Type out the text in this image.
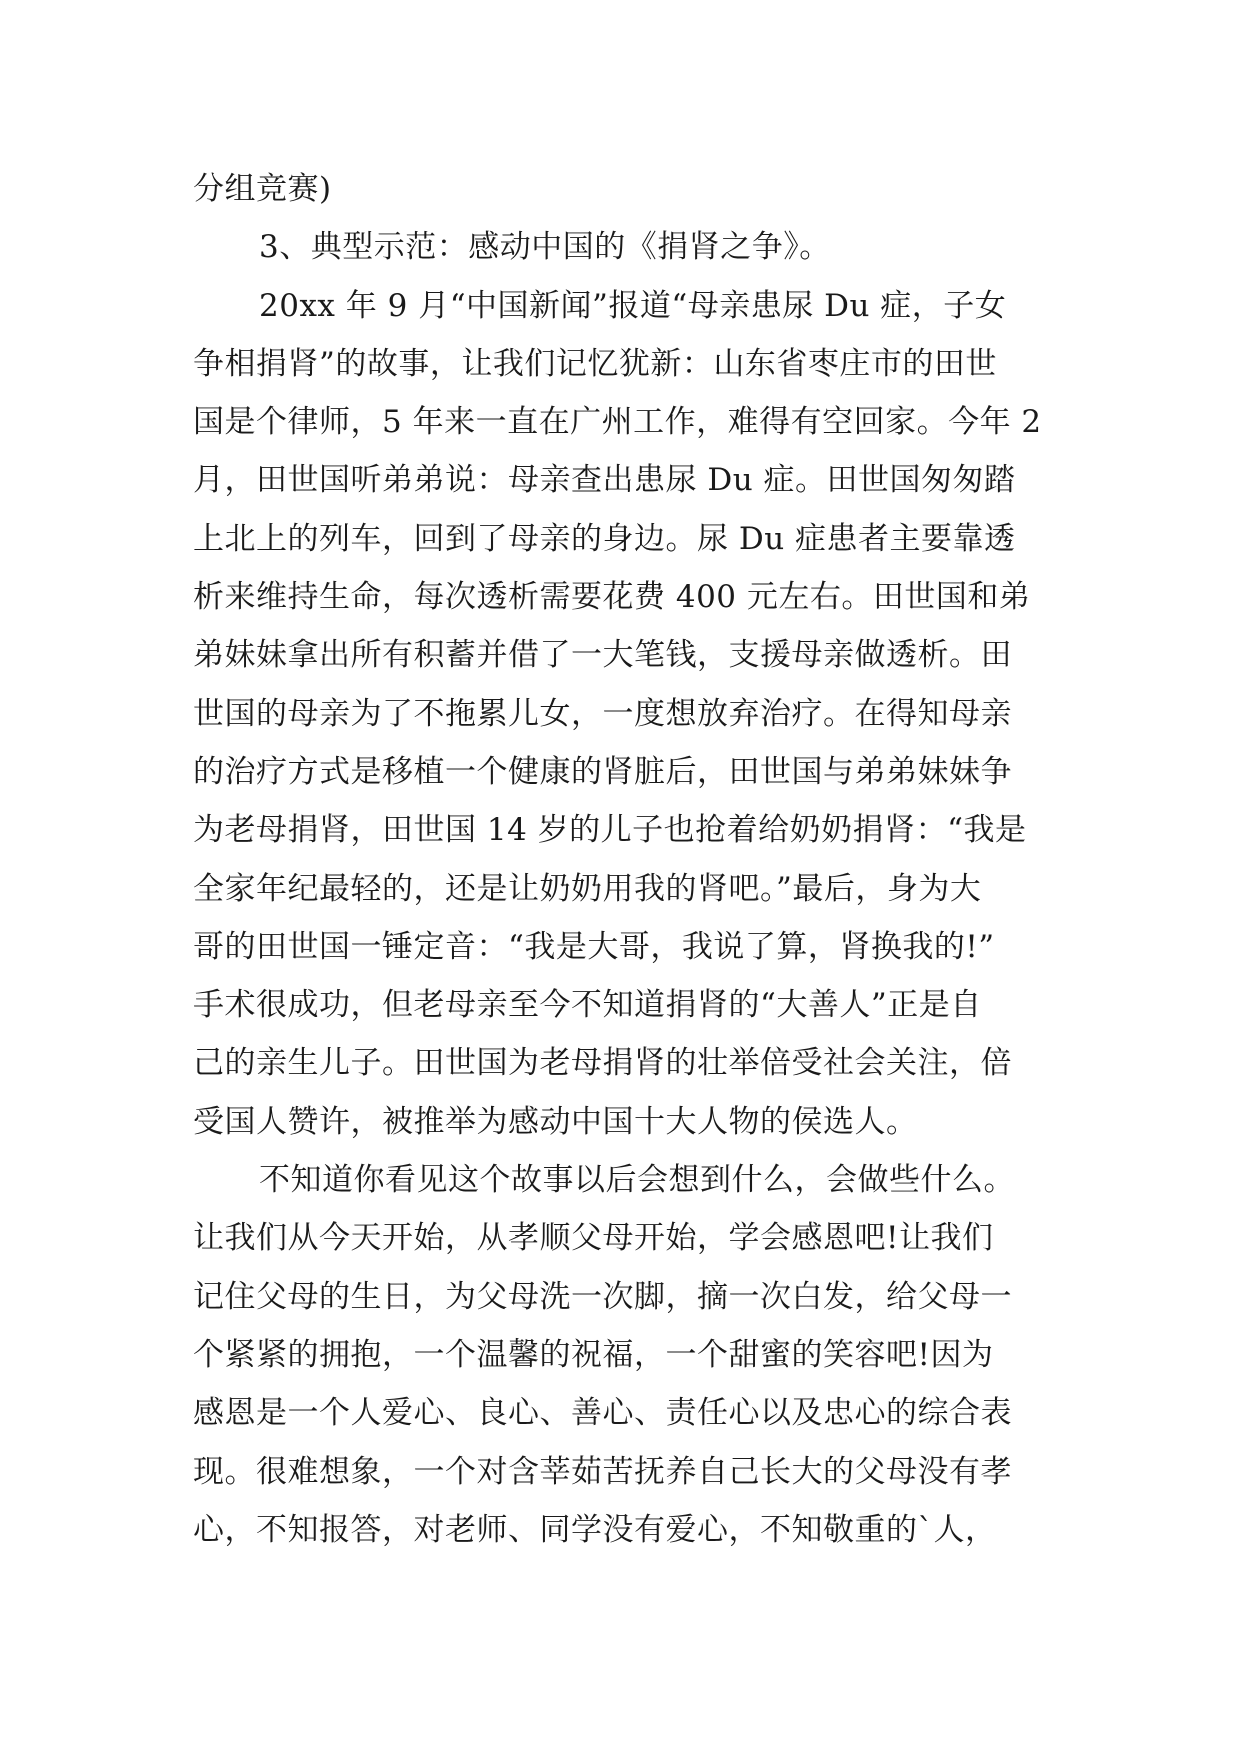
分组竞赛)
3、典型示范：感动中国的《捐肾之争》。
20xx 年 9 月“中国新闻”报道“母亲患尿 Du 症，子女
争相捐肾”的故事，让我们记忆犹新：山东省枣庄市的田世
国是个律师，5 年来一直在广州工作，难得有空回家。今年 2
月，田世国听弟弟说：母亲查出患尿 Du 症。田世国匆匆踏
上北上的列车，回到了母亲的身边。尿 Du 症患者主要靠透
析来维持生命，每次透析需要花费 400 元左右。田世国和弟
弟妹妹拿出所有积蓄并借了一大笔钱，支援母亲做透析。田
世国的母亲为了不拖累儿女，一度想放弃治疗。在得知母亲
的治疗方式是移植一个健康的肾脏后，田世国与弟弟妹妹争
为老母捐肾，田世国 14 岁的儿子也抢着给奶奶捐肾：“我是
全家年纪最轻的，还是让奶奶用我的肾吧。”最后，身为大
哥的田世国一锤定音：“我是大哥，我说了算，肾换我的!”
手术很成功，但老母亲至今不知道捐肾的“大善人”正是自
己的亲生儿子。田世国为老母捐肾的壮举倍受社会关注，倍
受国人赞许，被推举为感动中国十大人物的侯选人。
不知道你看见这个故事以后会想到什么，会做些什么。
让我们从今天开始，从孝顺父母开始，学会感恩吧!让我们
记住父母的生日，为父母洗一次脚，摘一次白发，给父母一
个紧紧的拥抱，一个温馨的祝福，一个甜蜜的笑容吧!因为
感恩是一个人爱心、良心、善心、责任心以及忠心的综合表
现。很难想象，一个对含莘茹苦抚养自己长大的父母没有孝
心，不知报答，对老师、同学没有爱心，不知敬重的`人，
